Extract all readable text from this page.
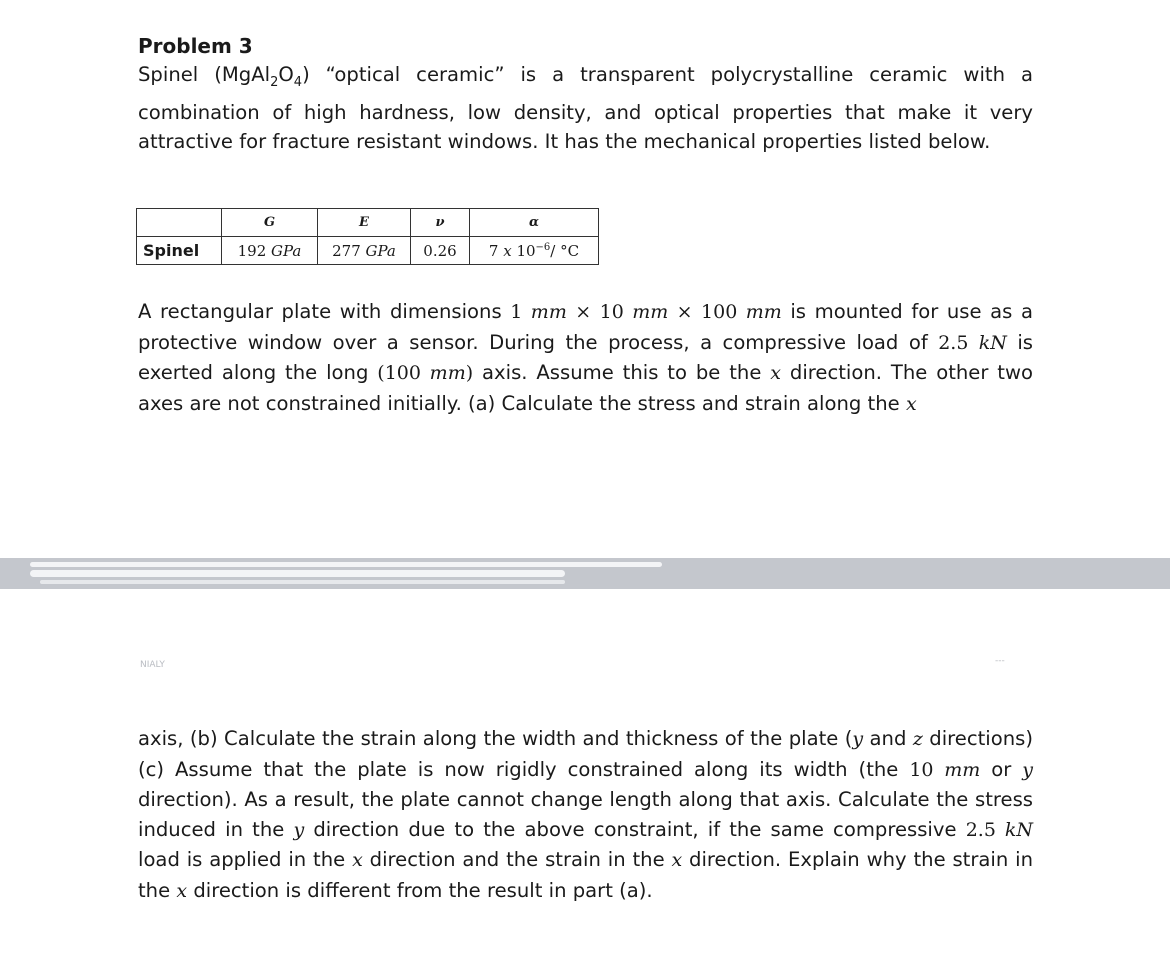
Problem 3
Spinel $(MgAl_2O_4)$ “optical ceramic” is a transparent polycrystalline ceramic with a combination of high hardness, low density, and optical properties that make it very attractive for fracture resistant windows. It has the mechanical properties listed below.
	G	E	ν	α
Spinel	192 GPa	277 GPa	0.26	7 x $10^{-6}/$ °C
A rectangular plate with dimensions 1 mm × 10 mm × 100 mm is mounted for use as a protective window over a sensor. During the process, a compressive load of 2.5 kN is exerted along the long (100 mm) axis. Assume this to be the x direction. The other two axes are not constrained initially. (a) Calculate the stress and strain along the x
NIALY	---
axis, (b) Calculate the strain along the width and thickness of the plate (y and z directions) (c) Assume that the plate is now rigidly constrained along its width (the 10 mm or y direction). As a result, the plate cannot change length along that axis. Calculate the stress induced in the y direction due to the above constraint, if the same compressive 2.5 kN load is applied in the x direction and the strain in the x direction. Explain why the strain in the x direction is different from the result in part (a).
